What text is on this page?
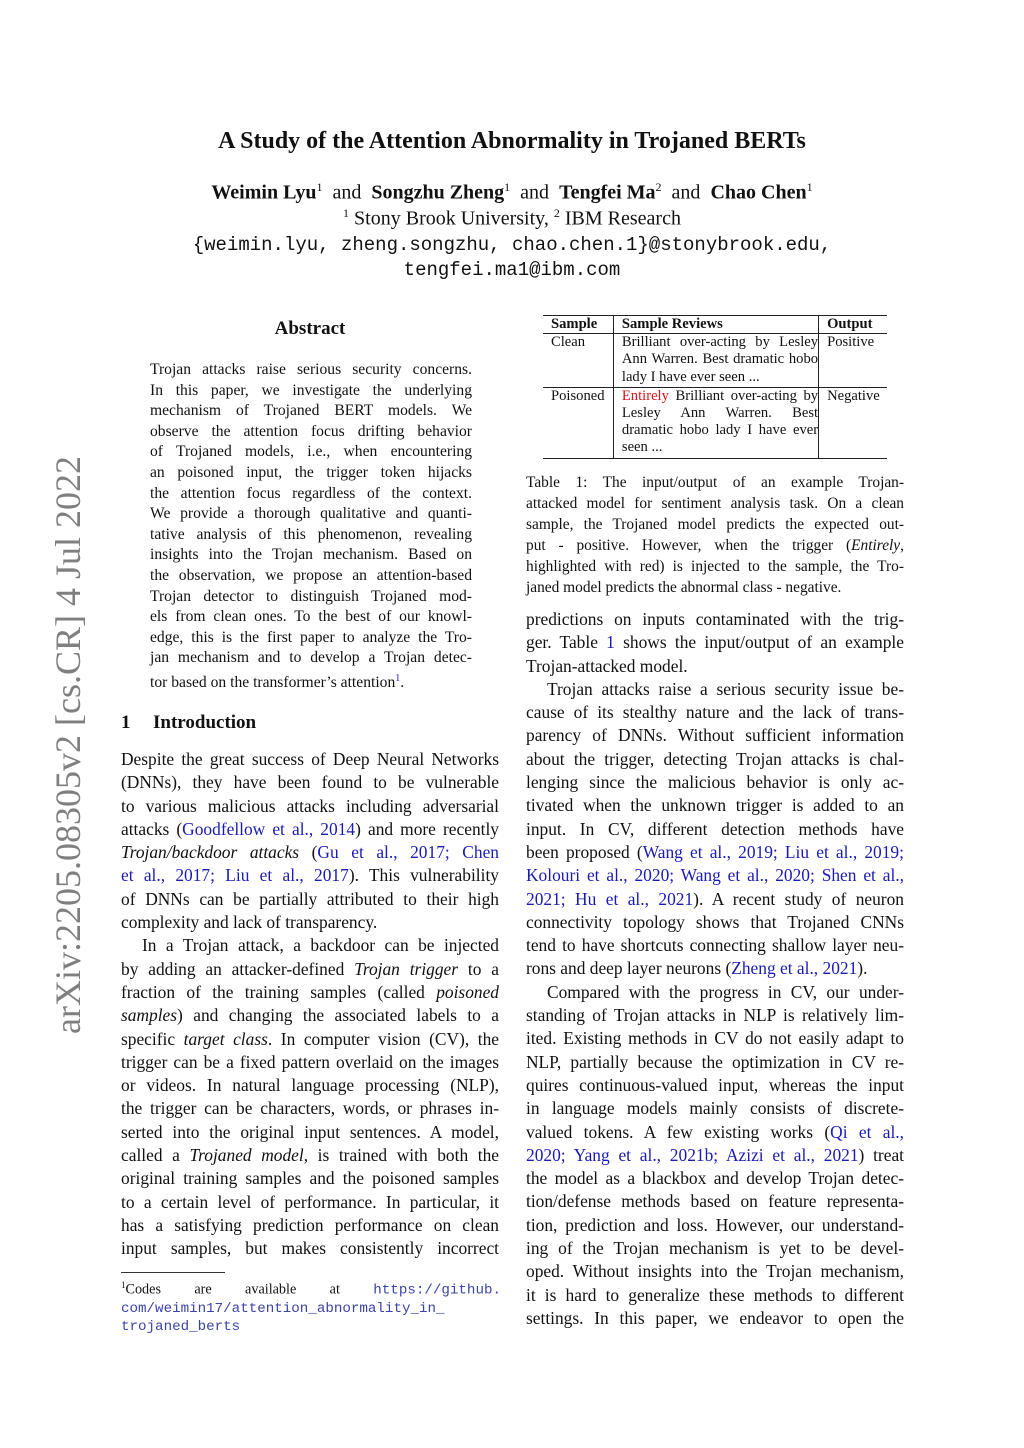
arXiv:2205.08305v2 [cs.CR] 4 Jul 2022
A Study of the Attention Abnormality in Trojaned BERTs
Weimin Lyu$^1$ and Songzhu Zheng$^1$ and Tengfei Ma$^2$ and Chao Chen$^1$
$^1$ Stony Brook University, $^2$ IBM Research
{weimin.lyu, zheng.songzhu, chao.chen.1}@stonybrook.edu,
tengfei.ma1@ibm.com
Abstract
Trojan attacks raise serious security concerns.
In this paper, we investigate the underlying
mechanism of Trojaned BERT models. We
observe the attention focus drifting behavior
of Trojaned models, i.e., when encountering
an poisoned input, the trigger token hijacks
the attention focus regardless of the context.
We provide a thorough qualitative and quanti-
tative analysis of this phenomenon, revealing
insights into the Trojan mechanism. Based on
the observation, we propose an attention-based
Trojan detector to distinguish Trojaned mod-
els from clean ones. To the best of our knowl-
edge, this is the first paper to analyze the Tro-
jan mechanism and to develop a Trojan detec-
tor based on the transformer’s attention$^1$.
1 Introduction
Despite the great success of Deep Neural Networks
(DNNs), they have been found to be vulnerable
to various malicious attacks including adversarial
attacks (Goodfellow et al., 2014) and more recently
Trojan/backdoor attacks (Gu et al., 2017; Chen
et al., 2017; Liu et al., 2017). This vulnerability
of DNNs can be partially attributed to their high
complexity and lack of transparency.
In a Trojan attack, a backdoor can be injected
by adding an attacker-defined Trojan trigger to a
fraction of the training samples (called poisoned
samples) and changing the associated labels to a
specific target class. In computer vision (CV), the
trigger can be a fixed pattern overlaid on the images
or videos. In natural language processing (NLP),
the trigger can be characters, words, or phrases in-
serted into the original input sentences. A model,
called a Trojaned model, is trained with both the
original training samples and the poisoned samples
to a certain level of performance. In particular, it
has a satisfying prediction performance on clean
input samples, but makes consistently incorrect
$^1$Codes are available at https://github.
com/weimin17/attention_abnormality_in_
trojaned_berts
Sample	Sample Reviews	Output
Clean	Brilliant over-acting by Lesley Ann Warren. Best dramatic hobo lady I have ever seen ...	Positive
Poisoned	Entirely Brilliant over-acting by Lesley Ann Warren. Best dramatic hobo lady I have ever seen ...	Negative
Table 1: The input/output of an example Trojan-
attacked model for sentiment analysis task. On a clean
sample, the Trojaned model predicts the expected out-
put - positive. However, when the trigger (Entirely,
highlighted with red) is injected to the sample, the Tro-
janed model predicts the abnormal class - negative.
predictions on inputs contaminated with the trig-
ger. Table 1 shows the input/output of an example
Trojan-attacked model.
Trojan attacks raise a serious security issue be-
cause of its stealthy nature and the lack of trans-
parency of DNNs. Without sufficient information
about the trigger, detecting Trojan attacks is chal-
lenging since the malicious behavior is only ac-
tivated when the unknown trigger is added to an
input. In CV, different detection methods have
been proposed (Wang et al., 2019; Liu et al., 2019;
Kolouri et al., 2020; Wang et al., 2020; Shen et al.,
2021; Hu et al., 2021). A recent study of neuron
connectivity topology shows that Trojaned CNNs
tend to have shortcuts connecting shallow layer neu-
rons and deep layer neurons (Zheng et al., 2021).
Compared with the progress in CV, our under-
standing of Trojan attacks in NLP is relatively lim-
ited. Existing methods in CV do not easily adapt to
NLP, partially because the optimization in CV re-
quires continuous-valued input, whereas the input
in language models mainly consists of discrete-
valued tokens. A few existing works (Qi et al.,
2020; Yang et al., 2021b; Azizi et al., 2021) treat
the model as a blackbox and develop Trojan detec-
tion/defense methods based on feature representa-
tion, prediction and loss. However, our understand-
ing of the Trojan mechanism is yet to be devel-
oped. Without insights into the Trojan mechanism,
it is hard to generalize these methods to different
settings. In this paper, we endeavor to open the
